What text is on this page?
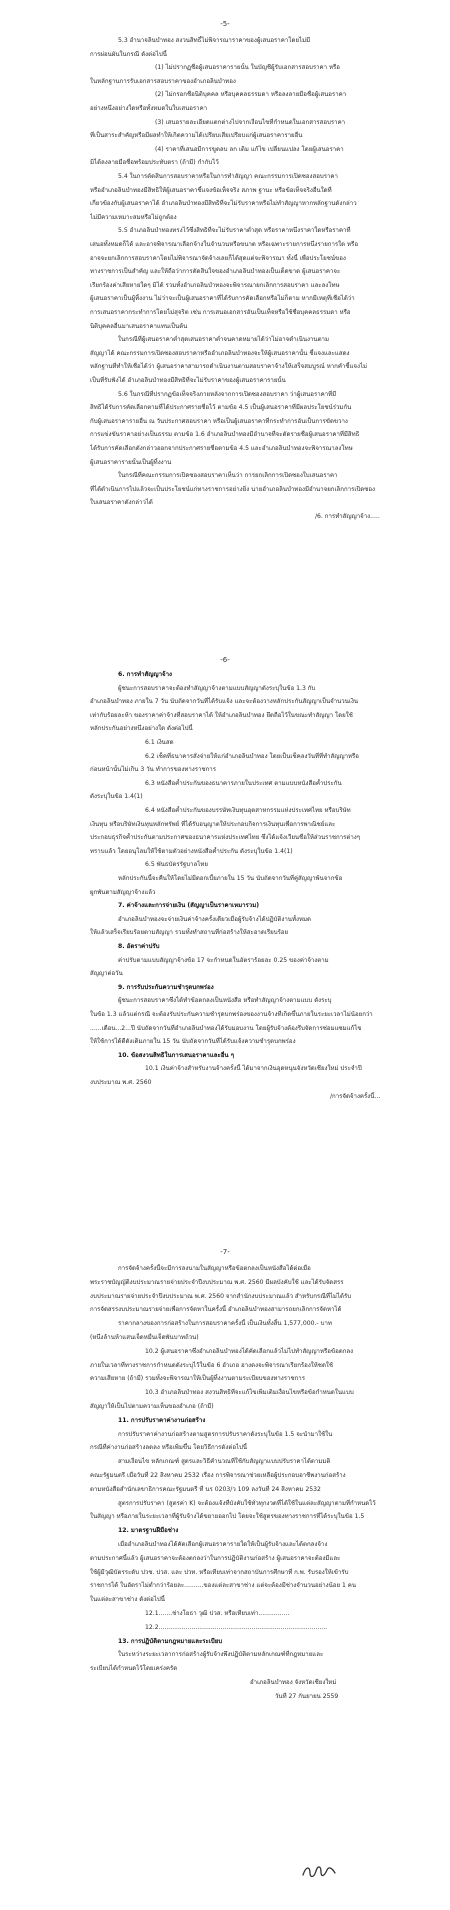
-5-
5.3 อำนาจลินบำทอง สงวนสิทธิ์ไม่พิจารณาราคาของผู้เสนอราคาโดยไม่มี
การผ่อนผันในกรณี ดังต่อไปนี้
(1) ไม่ปรากฏชื่อผู้เสนอราคารายนั้น ในบัญชีผู้รับเอกสารสอบราคา หรือ
ในหลักฐานการรับเอกสารสอบราคาของอำเภอลินบำทอง
(2) ไม่กรอกชื่อนิติบุคคล หรือบุคคลธรรมดา หรือลงลายมือชื่อผู้เสนอราคา
อย่างหนึ่งอย่างใดหรือทั้งหมดในใบเสนอราคา
(3) เสนอรายละเอียดแตกต่างไปจากเงื่อนไขที่กำหนดในเอกสารสอบราคา
ที่เป็นสาระสำคัญหรือมีผลทำให้เกิดความได้เปรียบเสียเปรียบแก่ผู้เสนอราคารายอื่น
(4) ราคาที่เสนอมีการขูดลบ ลก เติม แก้ไข เปลี่ยนแปลง โดยผู้เสนอราคา
มิได้ลงลายมือชื่อพร้อมประทับตรา (ถ้ามี) กำกับไว้
5.4 ในการตัดสินการสอบราคาหรือในการทำสัญญา คณะกรรมการเปิดซองสอบราคา
หรืออำเภอลินบำทองมีสิทธิให้ผู้เสนอราคาชี้แจงข้อเท็จจริง สภาพ ฐานะ หรือข้อเท็จจริงอื่นใดที่
เกี่ยวข้องกับผู้เสนอราคาได้ อำเภอลินบำทองมีสิทธิที่จะไม่รับราคาหรือไม่ทำสัญญาหากหลักฐานดังกล่าว
ไม่มีความเหมาะสมหรือไม่ถูกต้อง
5.5 อำเภอลินบำทองทรงไว้ซึ่งสิทธิที่จะไม่รับราคาต่ำสุด หรือราคาหนึ่งราคาใดหรือราคาที่
เสนอทั้งหมดก็ได้ และอาจพิจารณาเลือกจ้างในจำนวนหรือขนาด หรือเฉพาะรายการหนึ่งรายการใด หรือ
อาจจะยกเลิกการสอบราคาโดยไม่พิจารณาจัดจ้างเลยก็ได้สุดแต่จะพิจารณา ทั้งนี้ เพื่อประโยชน์ของ
ทางราชการเป็นสำคัญ และให้ถือว่าการตัดสินใจของอำเภอลินบำทองเป็นเด็ดขาด ผู้เสนอราคาจะ
เรียกร้องค่าเสียหายใดๆ มิได้ รวมทั้งอำเภอลินบำทองจะพิจารณายกเลิกการสอบราคา และลงโทษ
ผู้เสนอราคาเป็นผู้ทิ้งงาน ไม่ว่าจะเป็นผู้เสนอราคาที่ได้รับการคัดเลือกหรือไม่ก็ตาม หากมีเหตุที่เชื่อได้ว่า
การเสนอราคากระทำการโดยไม่สุจริต เช่น การเสนอเอกสารอันเป็นเท็จหรือใช้ชื่อบุคคลธรรมดา หรือ
นิติบุคคลอื่นมาเสนอราคาแทนเป็นต้น
ในกรณีที่ผู้เสนอราคาต่ำสุดเสนอราคาต่ำจนคาดหมายได้ว่าไม่อาจดำเนินงานตาม
สัญญาได้ คณะกรรมการเปิดซองสอบราคาหรืออำเภอลินบำทองจะให้ผู้เสนอราคานั้น ชี้แจงและแสดง
หลักฐานที่ทำให้เชื่อได้ว่า ผู้เสนอราคาสามารถดำเนินงานตามสอบราคาจ้างให้เสร็จสมบูรณ์ หากคำชี้แจงไม่
เป็นที่รับฟังได้ อำเภอลินบำทองมีสิทธิที่จะไม่รับราคาของผู้เสนอราคารายนั้น
5.6 ในกรณีที่ปรากฏข้อเท็จจริงภายหลังจากการเปิดซองสอบราคา ว่าผู้เสนอราคาที่มี
สิทธิได้รับการคัดเลือกตามที่ได้ประกาศรายชื่อไว้ ตามข้อ 4.5 เป็นผู้เสนอราคาที่มีผลประโยชน์ร่วมกัน
กับผู้เสนอราคารายอื่น ณ วันประกาศสอบราคา หรือเป็นผู้เสนอราคาที่กระทำการอันเป็นการขัดขวาง
การแข่งขันราคาอย่างเป็นธรรม ตามข้อ 1.6 อำเภอลินบำทองมีอำนาจที่จะตัดรายชื่อผู้เสนอราคาที่มีสิทธิ
ได้รับการคัดเลือกดังกล่าวออกจากประกาศรายชื่อตามข้อ 4.5 และอำเภอลินบำทองจะพิจารณาลงโทษ
ผู้เสนอราคารายนั้นเป็นผู้ทิ้งงาน
ในกรณีที่คณะกรรมการเปิดซองสอบราคาเห็นว่า การยกเลิกการเปิดซองใบเสนอราคา
ที่ได้ดำเนินการไปแล้วจะเป็นประโยชน์แก่ทางราชการอย่างยิ่ง นายอำเภอลินบำทองมีอำนาจยกเลิกการเปิดซอง
ใบเสนอราคาดังกล่าวได้
/6. การทำสัญญาจ้าง.....
-6-
6. การทำสัญญาจ้าง
ผู้ชนะการสอบราคาจะต้องทำสัญญาจ้างตามแบบสัญญาดังระบุในข้อ 1.3 กับ
อำเภอลินบำทอง ภายใน 7 วัน นับถัดจากวันที่ได้รับแจ้ง และจะต้องวางหลักประกันสัญญาเป็นจำนวนเงิน
เท่ากับร้อยละห้า ของราคาค่าจ้างที่สอบราคาได้ ให้อำเภอลินบำทอง ยึดถือไว้ในขณะทำสัญญา โดยใช้
หลักประกันอย่างหนึ่งอย่างใด ดังต่อไปนี้
6.1 เงินสด
6.2 เช็คที่ธนาคารสั่งจ่ายให้แก่อำเภอลินบำทอง โดยเป็นเช็คลงวันที่ที่ทำสัญญาหรือ
ก่อนหน้านั้นไม่เกิน 3 วัน ทำการของทางราชการ
6.3 หนังสือค้ำประกันของธนาคารภายในประเทศ ตามแบบหนังสือค้ำประกัน
ดังระบุในข้อ 1.4(1)
6.4 หนังสือค้ำประกันของบรรษัทเงินทุนอุตสาหกรรมแห่งประเทศไทย หรือบริษัท
เงินทุน หรือบริษัทเงินทุนหลักทรัพย์ ที่ได้รับอนุญาตให้ประกอบกิจการเงินทุนเพื่อการพาณิชย์และ
ประกอบธุรกิจค้ำประกันตามประกาศของธนาคารแห่งประเทศไทย ซึ่งได้แจ้งเวียนชื่อให้ส่วนราชการต่างๆ
ทราบแล้ว โดยอนุโลมให้ใช้ตามตัวอย่างหนังสือค้ำประกัน ดังระบุในข้อ 1.4(1)
6.5 พันธบัตรรัฐบาลไทย
หลักประกันนี้จะคืนให้โดยไม่มีดอกเบี้ยภายใน 15 วัน นับถัดจากวันที่คู่สัญญาพ้นจากข้อ
ผูกพันตามสัญญาจ้างแล้ว
7. ค่าจ้างและการจ่ายเงิน (สัญญาเป็นราคาเหมารวม)
อำเภอลินบำทองจะจ่ายเงินค่าจ้างครั้งเดียวเมื่อผู้รับจ้างได้ปฏิบัติงานทั้งหมด
ให้แล้วเสร็จเรียบร้อยตามสัญญา รวมทั้งทำสถานที่ก่อสร้างให้สะอาดเรียบร้อย
8. อัตราค่าปรับ
ค่าปรับตามแบบสัญญาจ้างข้อ 17 จะกำหนดในอัตราร้อยละ 0.25 ของค่าจ้างตาม
สัญญาต่อวัน
9. การรับประกันความชำรุดบกพร่อง
ผู้ชนะการสอบราคาซึ่งได้ทำข้อตกลงเป็นหนังสือ หรือทำสัญญาจ้างตามแบบ ดังระบุ
ในข้อ 1.3 แล้วแต่กรณี จะต้องรับประกันความชำรุดบกพร่องของงานจ้างที่เกิดขึ้นภายในระยะเวลาไม่น้อยกว่า
......เดือน...2...ปี นับถัดจากวันที่อำเภอลินบำทองได้รับมอบงาน โดยผู้รับจ้างต้องรีบจัดการซ่อมแซมแก้ไข
ให้ใช้การได้ดีดังเดิมภายใน 15 วัน นับถัดจากวันที่ได้รับแจ้งความชำรุดบกพร่อง
10. ข้อสงวนสิทธิในการเสนอราคาและอื่น ๆ
10.1 เงินค่าจ้างสำหรับงานจ้างครั้งนี้ ได้มาจากเงินอุดหนุนจังหวัดเชียงใหม่ ประจำปี
งบประมาณ พ.ศ. 2560
/การจัดจ้างครั้งนี้...
-7-
การจัดจ้างครั้งนี้จะมีการลงนามในสัญญาหรือข้อตกลงเป็นหนังสือได้ต่อเมื่อ
พระราชบัญญัติงบประมาณรายจ่ายประจำปีงบประมาณ พ.ศ. 2560 มีผลบังคับใช้ และได้รับจัดสรร
งบประมาณรายจ่ายประจำปีงบประมาณ พ.ศ. 2560 จากสำนักงบประมาณแล้ว สำหรับกรณีที่ไม่ได้รับ
การจัดสรรงบประมาณรายจ่ายเพื่อการจัดหาในครั้งนี้ อำเภอลินบำทองสามารถยกเลิกการจัดหาได้
ราคากลางของการก่อสร้างในการสอบราคาครั้งนี้ เป็นเงินทั้งสิ้น 1,577,000.- บาท
(หนึ่งล้านห้าแสนเจ็ดหมื่นเจ็ดพันบาทถ้วน)
10.2 ผู้เสนอราคาซึ่งอำเภอลินบำทองได้คัดเลือกแล้วไม่ไปทำสัญญาหรือข้อตกลง
ภายในเวลาที่ทางราชการกำหนดดังระบุไว้ในข้อ 6 อำเภอ ฮางดงจะพิจารณาเรียกร้องให้ชดใช้
ความเสียหาย (ถ้ามี) รวมทั้งจะพิจารณาให้เป็นผู้ทิ้งงานตามระเบียบของทางราชการ
10.3 อำเภอลินบำทอง สงวนสิทธิที่จะแก้ไขเพิ่มเติมเงื่อนไขหรือข้อกำหนดในแบบ
สัญญาให้เป็นไปตามความเห็นของอำเภอ (ถ้ามี)
11. การปรับราคาค่างานก่อสร้าง
การปรับราคาค่างานก่อสร้างตามสูตรการปรับราคาดังระบุในข้อ 1.5 จะนำมาใช้ใน
กรณีที่ค่างานก่อสร้างลดลง หรือเพิ่มขึ้น โดยวิธีการดังต่อไปนี้
สามเงื่อนไข หลักเกณฑ์ สูตรและวิธีคำนวณที่ใช้กับสัญญาแบบปรับราคาได้ตามมติ
คณะรัฐมนตรี เมื่อวันที่ 22 สิงหาคม 2532 เรื่อง การพิจารณาช่วยเหลือผู้ประกอบอาชีพงานก่อสร้าง
ตามหนังสือสำนักเลขาธิการคณะรัฐมนตรี ที่ นร 0203/ว 109 ลงวันที่ 24 สิงหาคม 2532
สูตรการปรับราคา (สูตรค่า K) จะต้องแจ้งที่บังคับใช้ทั่วทุกงวดที่ได้ใช้ในแต่ละสัญญาตามที่กำหนดไว้
ในสัญญา หรือภายในระยะเวลาที่ผู้รับจ้างได้ขยายออกไป โดยจะใช้สูตรของทางราชการที่ได้ระบุในข้อ 1.5
12. มาตรฐานฝีมือช่าง
เมื่ออำเภอลินบำทองได้คัดเลือกผู้เสนอราคารายใดให้เป็นผู้รับจ้างและได้ตกลงจ้าง
ตามประกาศนี้แล้ว ผู้เสนอราคาจะต้องตกลงว่าในการปฏิบัติงานก่อสร้าง ผู้เสนอราคาจะต้องมีและ
ใช้ผู้มีวุฒิบัตรระดับ ปวช. ปวส. และ ปวท. หรือเทียบเท่าจากสถาบันการศึกษาที่ ก.พ. รับรองให้เข้ารับ
ราชการได้ ในอัตราไม่ต่ำกว่าร้อยละ..........ของแต่ละสาขาช่าง แต่จะต้องมีช่างจำนวนอย่างน้อย 1 คน
ในแต่ละสาขาช่าง ดังต่อไปนี้
12.1.......ช่างโยธา วุฒิ ปวส. หรือเทียบเท่า................
12.2.......................................................................................
13. การปฏิบัติตามกฎหมายและระเบียบ
ในระหว่างระยะเวลาการก่อสร้างผู้รับจ้างพึงปฏิบัติตามหลักเกณฑ์ที่กฎหมายและ
ระเบียบได้กำหนดไว้โดยเคร่งครัด
อำเภอลินบำทอง จังหวัดเชียงใหม่
วันที่ 27 กันยายน 2559
